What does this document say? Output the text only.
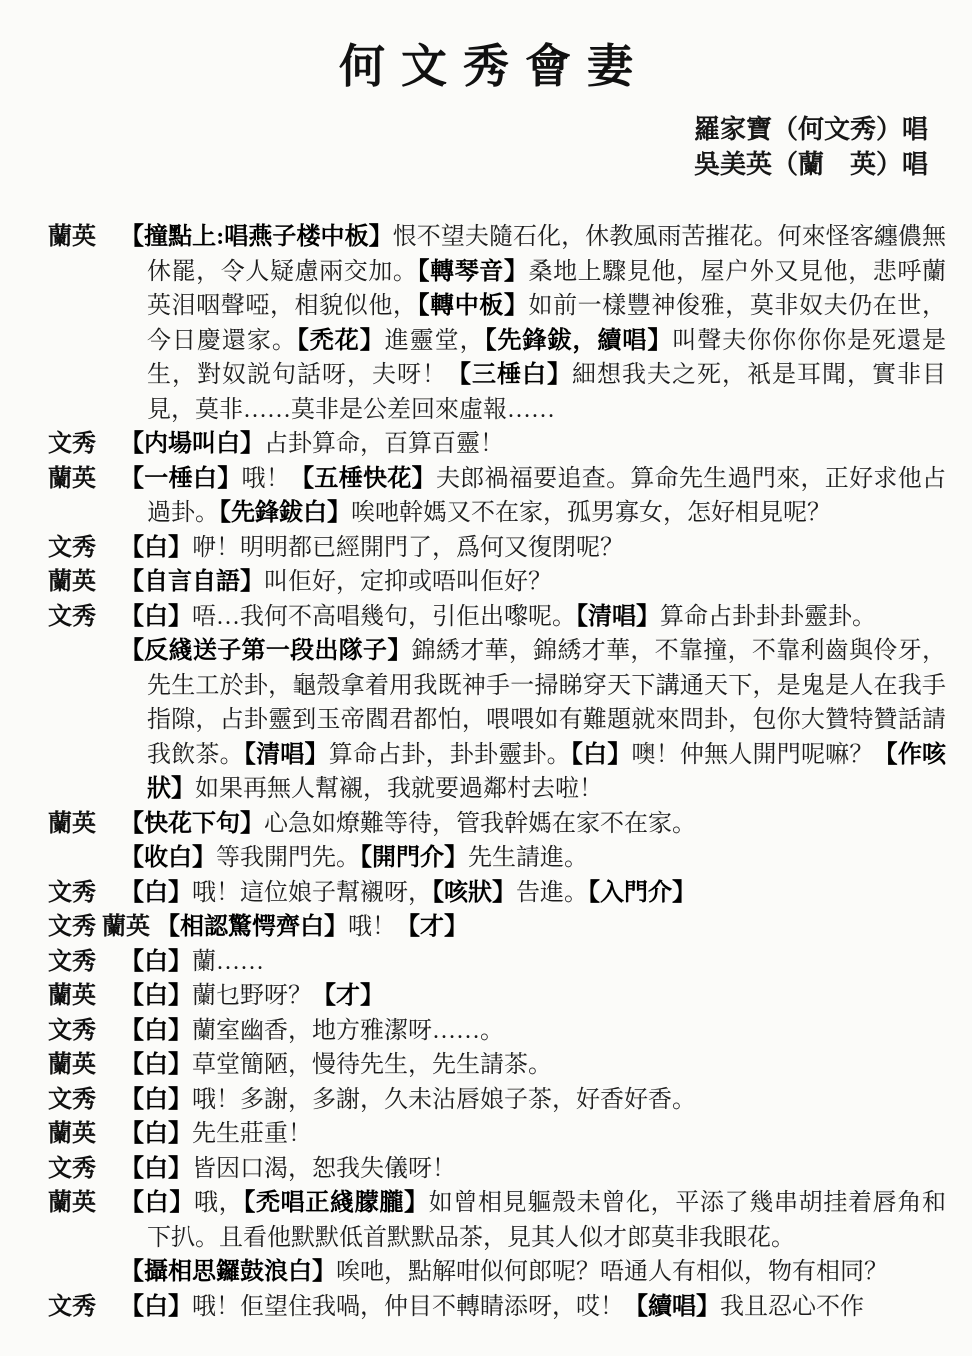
何文秀會妻
羅家寶（何文秀）唱
吳美英（蘭　英）唱
蘭英	【撞點上:唱燕子楼中板】恨不望夫隨石化，休教風雨苦摧花。何來怪客纏儂無休罷，令人疑慮兩交加。【轉琴音】桑地上驟見他，屋户外又見他，悲呼蘭英泪咽聲啞，相貌似他，【轉中板】如前一樣豐神俊雅，莫非奴夫仍在世，今日慶還家。【禿花】進靈堂，【先鋒鈸，續唱】叫聲夫你你你你是死還是生，對奴説句話呀，夫呀！【三棰白】細想我夫之死，衹是耳聞，實非目見，莫非……莫非是公差回來虛報……
文秀	【内場叫白】占卦算命，百算百靈！
蘭英	【一棰白】哦！【五棰快花】夫郎禍福要追查。算命先生過門來，正好求他占過卦。【先鋒鈸白】唉吔幹媽又不在家，孤男寡女，怎好相見呢？
文秀	【白】咿！明明都已經開門了，爲何又復閉呢？
蘭英	【自言自語】叫佢好，定抑或唔叫佢好？
文秀	【白】唔…我何不高唱幾句，引佢出嚟呢。【清唱】算命占卦卦卦靈卦。
【反綫送子第一段出隊子】錦綉才華，錦綉才華，不靠撞，不靠利齒與伶牙，先生工於卦，龜殼拿着用我既神手一掃睇穿天下講通天下，是鬼是人在我手指隙，占卦靈到玉帝閻君都怕，喂喂如有難題就來問卦，包你大贊特贊話請我飲茶。【清唱】算命占卦，卦卦靈卦。【白】噢！仲無人開門呢嘛？【作咳狀】如果再無人幫襯，我就要過鄰村去啦！
蘭英	【快花下句】心急如燎難等待，管我幹媽在家不在家。
【收白】等我開門先。【開門介】先生請進。
文秀	【白】哦！這位娘子幫襯呀，【咳狀】告進。【入門介】
文秀 蘭英 【相認驚愕齊白】哦！【才】
文秀	【白】蘭……
蘭英	【白】蘭乜野呀？【才】
文秀	【白】蘭室幽香，地方雅潔呀……。
蘭英	【白】草堂簡陋，慢待先生，先生請茶。
文秀	【白】哦！多謝，多謝，久未沾唇娘子茶，好香好香。
蘭英	【白】先生莊重！
文秀	【白】皆因口渴，恕我失儀呀！
蘭英	【白】哦，【禿唱正綫朦朧】如曾相見軀殼未曾化，平添了幾串胡挂着唇角和下扒。且看他默默低首默默品茶，見其人似才郎莫非我眼花。
【攝相思鑼鼓浪白】唉吔，點解咁似何郎呢？唔通人有相似，物有相同？
文秀	【白】哦！佢望住我喎，仲目不轉睛添呀，哎！【續唱】我且忍心不作
